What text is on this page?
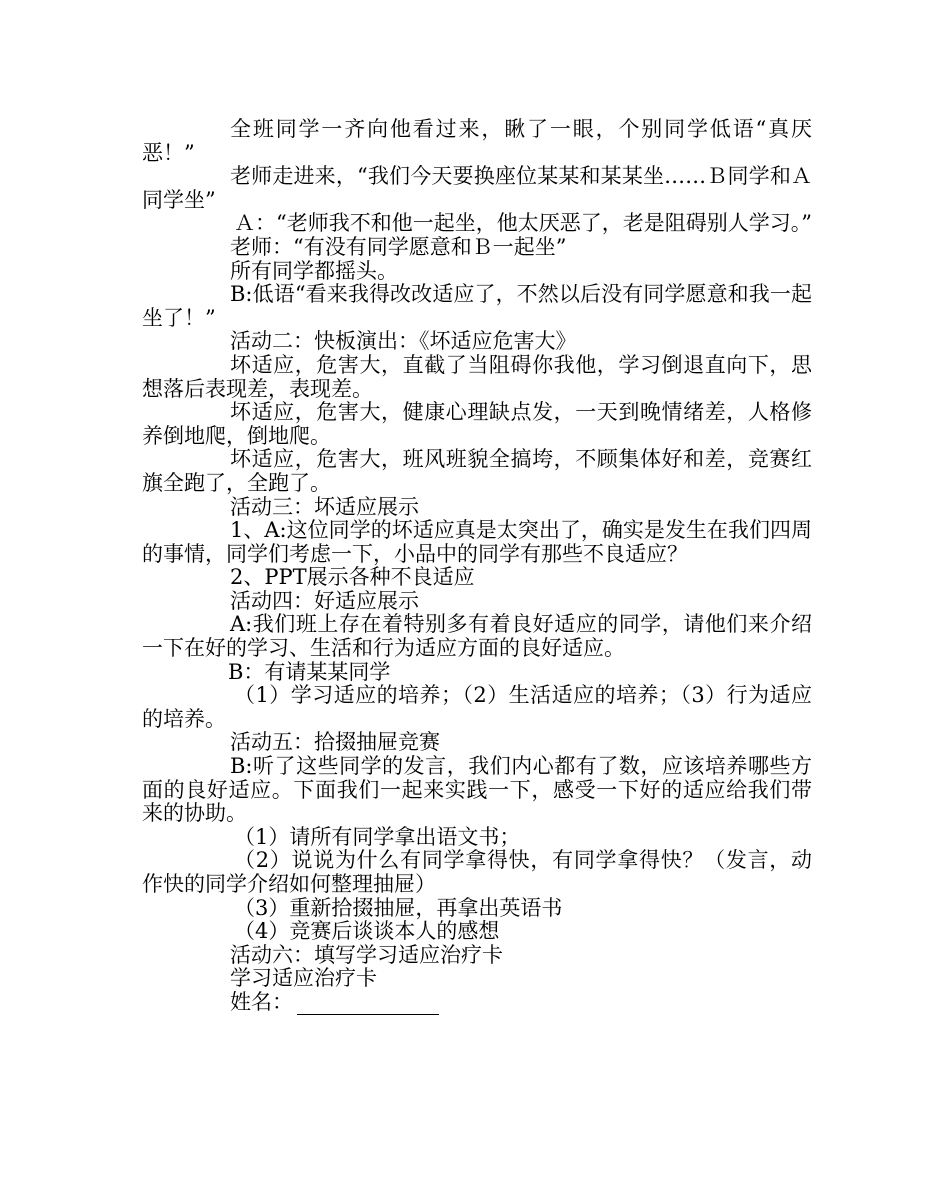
全班同学一齐向他看过来，瞅了一眼，个别同学低语“真厌恶！”

老师走进来，“我们今天要换座位某某和某某坐……Ｂ同学和Ａ同学坐”

Ａ：“老师我不和他一起坐，他太厌恶了，老是阻碍别人学习。”

老师：“有没有同学愿意和Ｂ一起坐”

所有同学都摇头。

B:低语“看来我得改改适应了，不然以后没有同学愿意和我一起坐了！”

活动二：快板演出：《坏适应危害大》

坏适应，危害大，直截了当阻碍你我他，学习倒退直向下，思想落后表现差，表现差。

坏适应，危害大，健康心理缺点发，一天到晚情绪差，人格修养倒地爬，倒地爬。

坏适应，危害大，班风班貌全搞垮，不顾集体好和差，竞赛红旗全跑了，全跑了。

活动三：坏适应展示

1、A:这位同学的坏适应真是太突出了，确实是发生在我们四周的事情，同学们考虑一下，小品中的同学有那些不良适应？

2、PPT展示各种不良适应

活动四：好适应展示

A:我们班上存在着特别多有着良好适应的同学，请他们来介绍一下在好的学习、生活和行为适应方面的良好适应。

B：有请某某同学

（1）学习适应的培养；（2）生活适应的培养；（3）行为适应的培养。

活动五：拾掇抽屉竞赛

B:听了这些同学的发言，我们内心都有了数，应该培养哪些方面的良好适应。下面我们一起来实践一下，感受一下好的适应给我们带来的协助。

（1）请所有同学拿出语文书；

（2）说说为什么有同学拿得快，有同学拿得快？（发言，动作快的同学介绍如何整理抽屉）

（3）重新拾掇抽屉，再拿出英语书

（4）竞赛后谈谈本人的感想

活动六：填写学习适应治疗卡

学习适应治疗卡

姓名：
